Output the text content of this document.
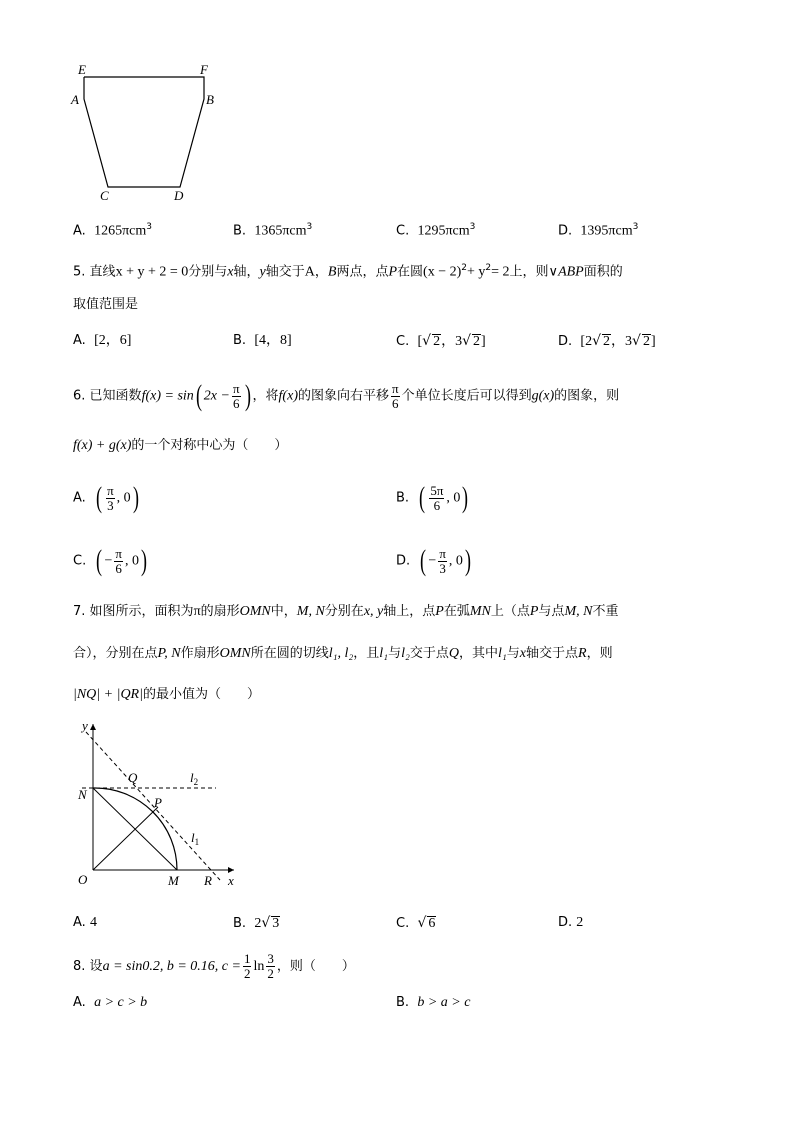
E	F
A	B
C	D
A. 1265πcm$^3$	B. 1365πcm$^3$	C. 1295πcm$^3$	D. 1395πcm$^3$
5. 直线x + y + 2 = 0分别与x轴，y轴交于A，B两点，点P在圆$(x - 2)^2+ y^2= 2$上，则∨ABP面积的
取值范围是
A. [2，6]	B. [4，8]	C. [√ 2，3√ 2]	D. [2√ 2，3√ 2]
6. 已知函数f(x) = sin( $2x - \frac{\pi}{6}$ ) ，将f(x)的图象向右平移 $\frac{\pi}{6}$ 个单位长度后可以得到g(x)的图象，则
f(x) + g(x)的一个对称中心为（　　）
A. ( $\frac{\pi}{3}$ , 0)	B. ( $\frac{5\pi}{6}$ , 0)
C. ( − $\frac{\pi}{6}$ , 0)	D. ( − $\frac{\pi}{3}$ , 0)
7. 如图所示，面积为π的扇形OMN中，M, N分别在x, y轴上，点P在弧MN上（点P与点M, N不重
合），分别在点P, N作扇形OMN所在圆的切线l₁, l₂，且l₁与l₂交于点Q，其中l₁与x轴交于点R，则
|NQ| + |QR|的最小值为（　　）
y
x
O	M R
N
Q
P
$l_2$
$l_1$
A. 4	B. 2√ 3	C. √ 6	D. 2
8. 设a = sin0.2, b = 0.16, $c = \frac{1}{2}$ $\ln \frac{3}{2}$ ，则（　　）
A. a > c > b	B. b > a > c
